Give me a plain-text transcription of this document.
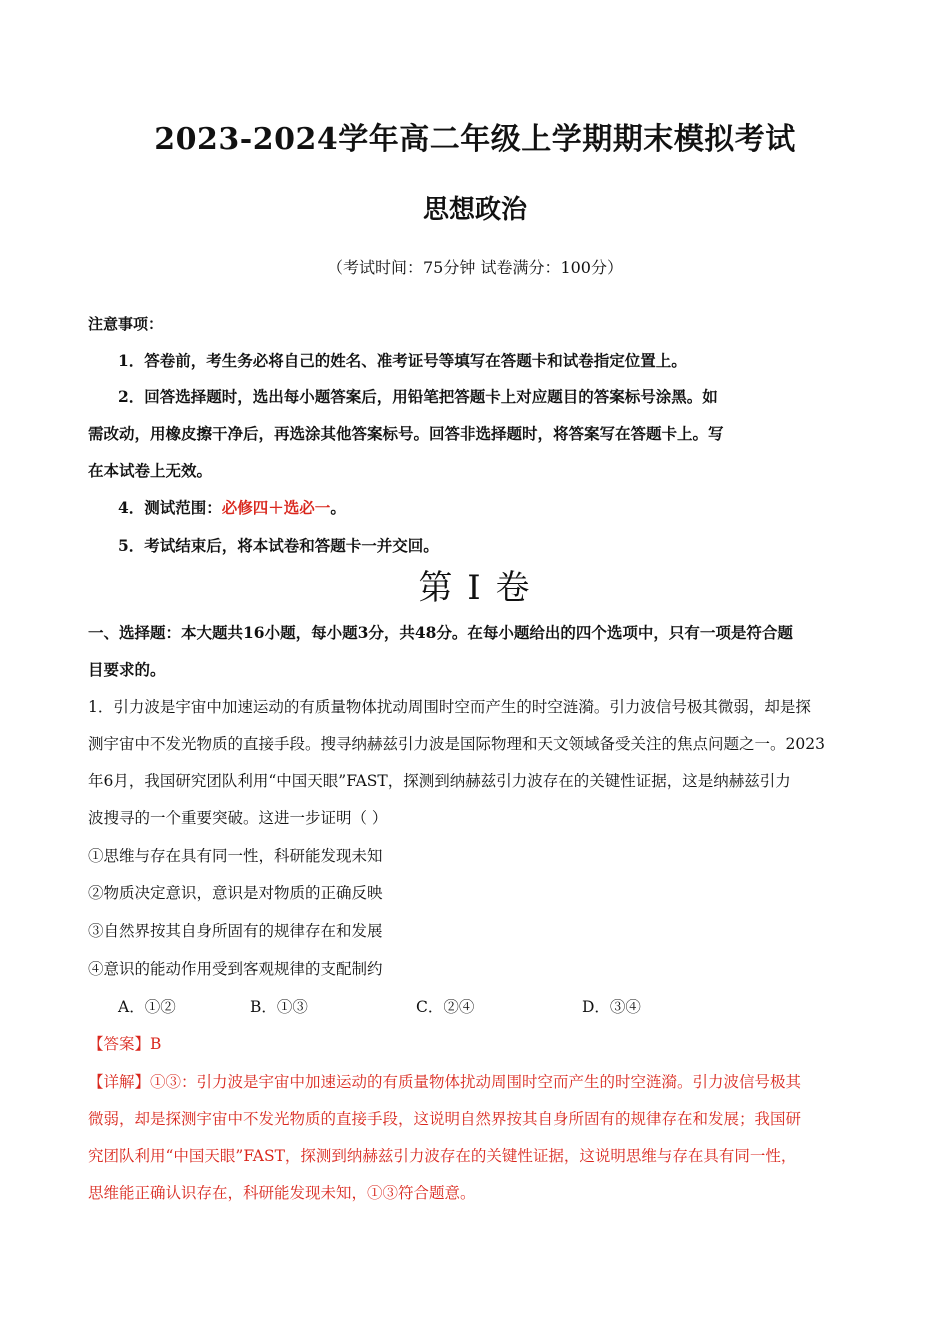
2023-2024学年高二年级上学期期末模拟考试
思想政治
（考试时间：75分钟 试卷满分：100分）
注意事项：
1．答卷前，考生务必将自己的姓名、准考证号等填写在答题卡和试卷指定位置上。
2．回答选择题时，选出每小题答案后，用铅笔把答题卡上对应题目的答案标号涂黑。如
需改动，用橡皮擦干净后，再选涂其他答案标号。回答非选择题时，将答案写在答题卡上。写
在本试卷上无效。
4．测试范围：必修四＋选必一。
5．考试结束后，将本试卷和答题卡一并交回。
第 I 卷
一、选择题：本大题共16小题，每小题3分，共48分。在每小题给出的四个选项中，只有一项是符合题
目要求的。
1．引力波是宇宙中加速运动的有质量物体扰动周围时空而产生的时空涟漪。引力波信号极其微弱，却是探
测宇宙中不发光物质的直接手段。搜寻纳赫兹引力波是国际物理和天文领域备受关注的焦点问题之一。2023
年6月，我国研究团队利用“中国天眼”FAST，探测到纳赫兹引力波存在的关键性证据，这是纳赫兹引力
波搜寻的一个重要突破。这进一步证明（ ）
①思维与存在具有同一性，科研能发现未知
②物质决定意识，意识是对物质的正确反映
③自然界按其自身所固有的规律存在和发展
④意识的能动作用受到客观规律的支配制约
A．①②	B．①③	C．②④	D．③④
【答案】B
【详解】①③：引力波是宇宙中加速运动的有质量物体扰动周围时空而产生的时空涟漪。引力波信号极其
微弱，却是探测宇宙中不发光物质的直接手段，这说明自然界按其自身所固有的规律存在和发展；我国研
究团队利用“中国天眼”FAST，探测到纳赫兹引力波存在的关键性证据，这说明思维与存在具有同一性，
思维能正确认识存在，科研能发现未知，①③符合题意。
